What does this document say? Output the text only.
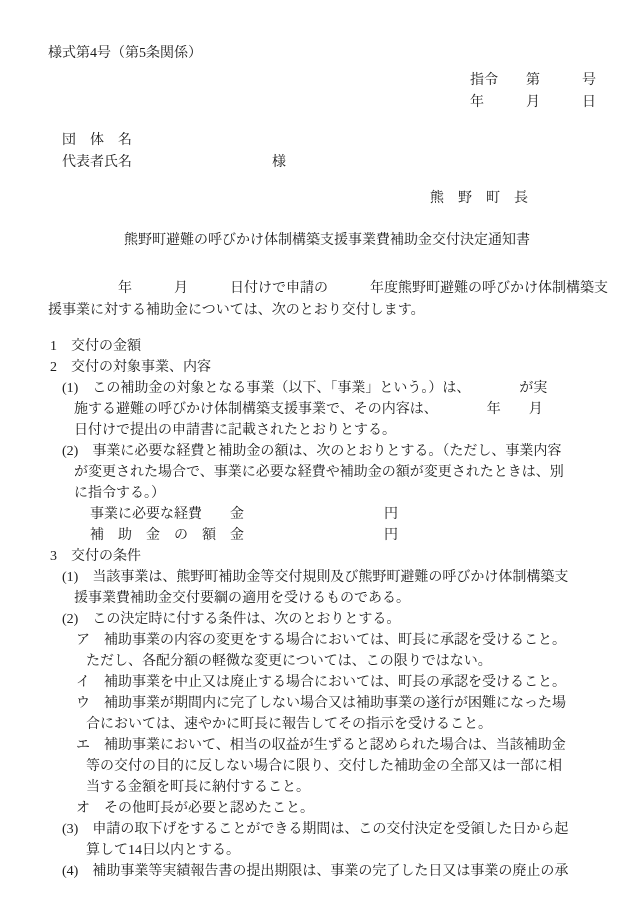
様式第4号（第5条関係）
指令　　第　　　号
年　　　月　　　日
団　体　名
代表者氏名　　　　　　　　　　様
熊　野　町　長
熊野町避難の呼びかけ体制構築支援事業費補助金交付決定通知書
　　　　　年　　　月　　　日付けで申請の　　　年度熊野町避難の呼びかけ体制構築支
援事業に対する補助金については、次のとおり交付します。
1　交付の金額
2　交付の対象事業、内容
(1)　この補助金の対象となる事業（以下、「事業」という。）は、　　　　が実
施する避難の呼びかけ体制構築支援事業で、その内容は、　　　　年　　月
日付けで提出の申請書に記載されたとおりとする。
(2)　事業に必要な経費と補助金の額は、次のとおりとする。（ただし、事業内容
が変更された場合で、事業に必要な経費や補助金の額が変更されたときは、別
に指令する。）
事業に必要な経費　　金　　　　　　　　　　円
補　助　金　の　額　金　　　　　　　　　　円
3　交付の条件
(1)　当該事業は、熊野町補助金等交付規則及び熊野町避難の呼びかけ体制構築支
援事業費補助金交付要綱の適用を受けるものである。
(2)　この決定時に付する条件は、次のとおりとする。
ア　補助事業の内容の変更をする場合においては、町長に承認を受けること。
ただし、各配分額の軽微な変更については、この限りではない。
イ　補助事業を中止又は廃止する場合においては、町長の承認を受けること。
ウ　補助事業が期間内に完了しない場合又は補助事業の遂行が困難になった場
合においては、速やかに町長に報告してその指示を受けること。
エ　補助事業において、相当の収益が生ずると認められた場合は、当該補助金
等の交付の目的に反しない場合に限り、交付した補助金の全部又は一部に相
当する金額を町長に納付すること。
オ　その他町長が必要と認めたこと。
(3)　申請の取下げをすることができる期間は、この交付決定を受領した日から起
算して14日以内とする。
(4)　補助事業等実績報告書の提出期限は、事業の完了した日又は事業の廃止の承
